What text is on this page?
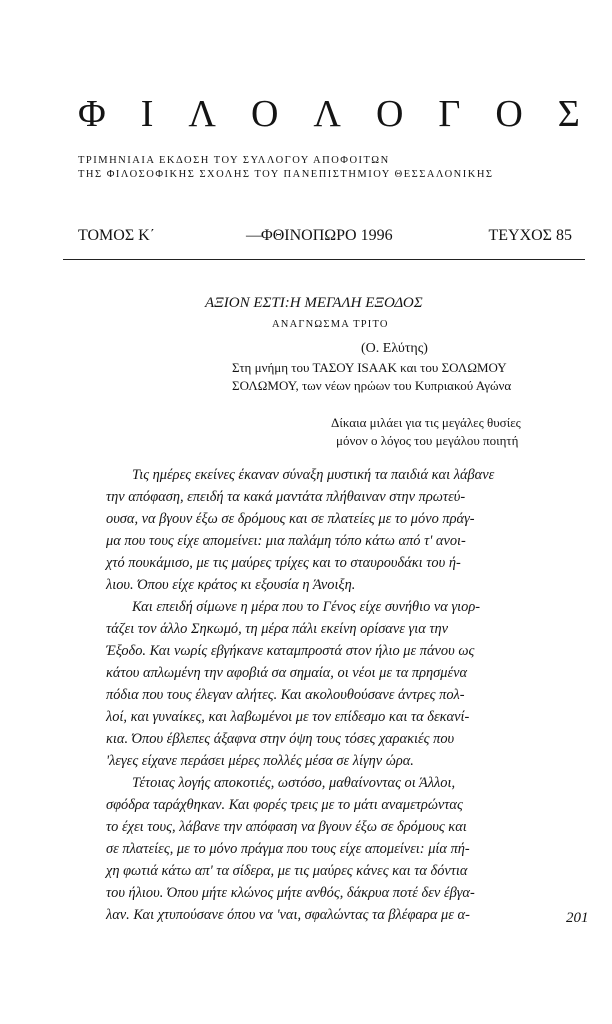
Φ Ι Λ Ο Λ Ο Γ Ο Σ
ΤΡΙΜΗΝΙΑΙΑ ΕΚΔΟΣΗ ΤΟΥ ΣΥΛΛΟΓΟΥ ΑΠΟΦΟΙΤΩΝ
ΤΗΣ ΦΙΛΟΣΟΦΙΚΗΣ ΣΧΟΛΗΣ ΤΟΥ ΠΑΝΕΠΙΣΤΗΜΙΟΥ ΘΕΣΣΑΛΟΝΙΚΗΣ
ΤΟΜΟΣ Κ΄	—ΦΘΙΝΟΠΩΡΟ 1996	ΤΕΥΧΟΣ 85
ΑΞΙΟΝ ΕΣΤΙ:Η ΜΕΓΑΛΗ ΕΞΟΔΟΣ
ΑΝΑΓΝΩΣΜΑ ΤΡΙΤΟ
(Ο. Ελύτης)
Στη μνήμη του ΤΑΣΟΥ ISAAK και του ΣΟΛΩΜΟΥ
ΣΟΛΩΜΟΥ, των νέων ηρώων του Κυπριακού Αγώνα
Δίκαια μιλάει για τις μεγάλες θυσίες
μόνον ο λόγος του μεγάλου ποιητή
Τις ημέρες εκείνες έκαναν σύναξη μυστική τα παιδιά και λάβανε
την απόφαση, επειδή τα κακά μαντάτα πλήθαιναν στην πρωτεύ-
ουσα, να βγουν έξω σε δρόμους και σε πλατείες με το μόνο πράγ-
μα που τους είχε απομείνει: μια παλάμη τόπο κάτω από τ' ανοι-
χτό πουκάμισο, με τις μαύρες τρίχες και το σταυρουδάκι του ή-
λιου. Όπου είχε κράτος κι εξουσία η Άνοιξη.
Και επειδή σίμωνε η μέρα που το Γένος είχε συνήθιο να γιορ-
τάζει τον άλλο Σηκωμό, τη μέρα πάλι εκείνη ορίσανε για την
Έξοδο. Και νωρίς εβγήκανε καταμπροστά στον ήλιο με πάνου ως
κάτου απλωμένη την αφοβιά σα σημαία, οι νέοι με τα πρησμένα
πόδια που τους έλεγαν αλήτες. Και ακολουθούσανε άντρες πολ-
λοί, και γυναίκες, και λαβωμένοι με τον επίδεσμο και τα δεκανί-
κια. Όπου έβλεπες άξαφνα στην όψη τους τόσες χαρακιές που
'λεγες είχανε περάσει μέρες πολλές μέσα σε λίγην ώρα.
Τέτοιας λογής αποκοτιές, ωστόσο, μαθαίνοντας οι Άλλοι,
σφόδρα ταράχθηκαν. Και φορές τρεις με το μάτι αναμετρώντας
το έχει τους, λάβανε την απόφαση να βγουν έξω σε δρόμους και
σε πλατείες, με το μόνο πράγμα που τους είχε απομείνει: μία πή-
χη φωτιά κάτω απ' τα σίδερα, με τις μαύρες κάνες και τα δόντια
του ήλιου. Όπου μήτε κλώνος μήτε ανθός, δάκρυα ποτέ δεν έβγα-
λαν. Και χτυπούσανε όπου να 'ναι, σφαλώντας τα βλέφαρα με α-	201
